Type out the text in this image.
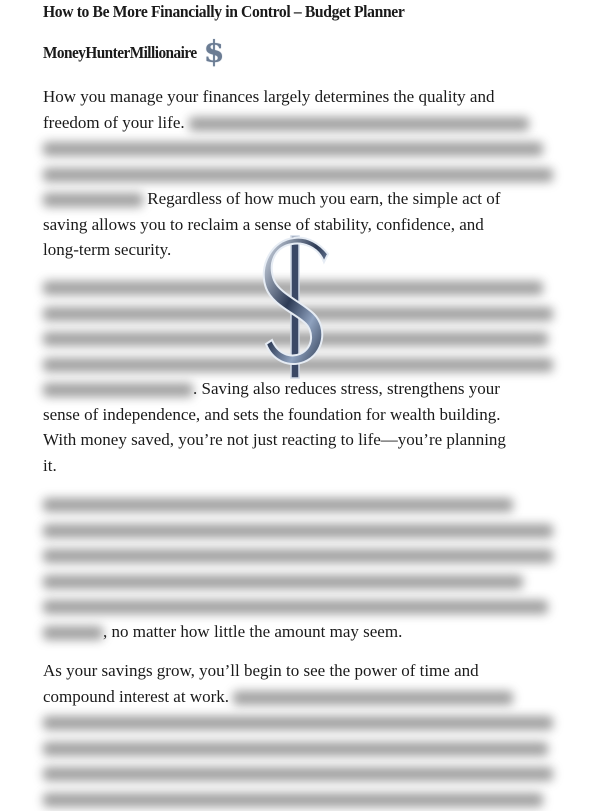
How to Be More Financially in Control – Budget Planner
MoneyHunterMillionaire $
How you manage your finances largely determines the quality and
freedom of your life.
Regardless of how much you earn, the simple act of
saving allows you to reclaim a sense of stability, confidence, and
long-term security.
. Saving also reduces stress, strengthens your
sense of independence, and sets the foundation for wealth building.
With money saved, you’re not just reacting to life—you’re planning
it.
, no matter how little the amount may seem.
As your savings grow, you’ll begin to see the power of time and
compound interest at work.
